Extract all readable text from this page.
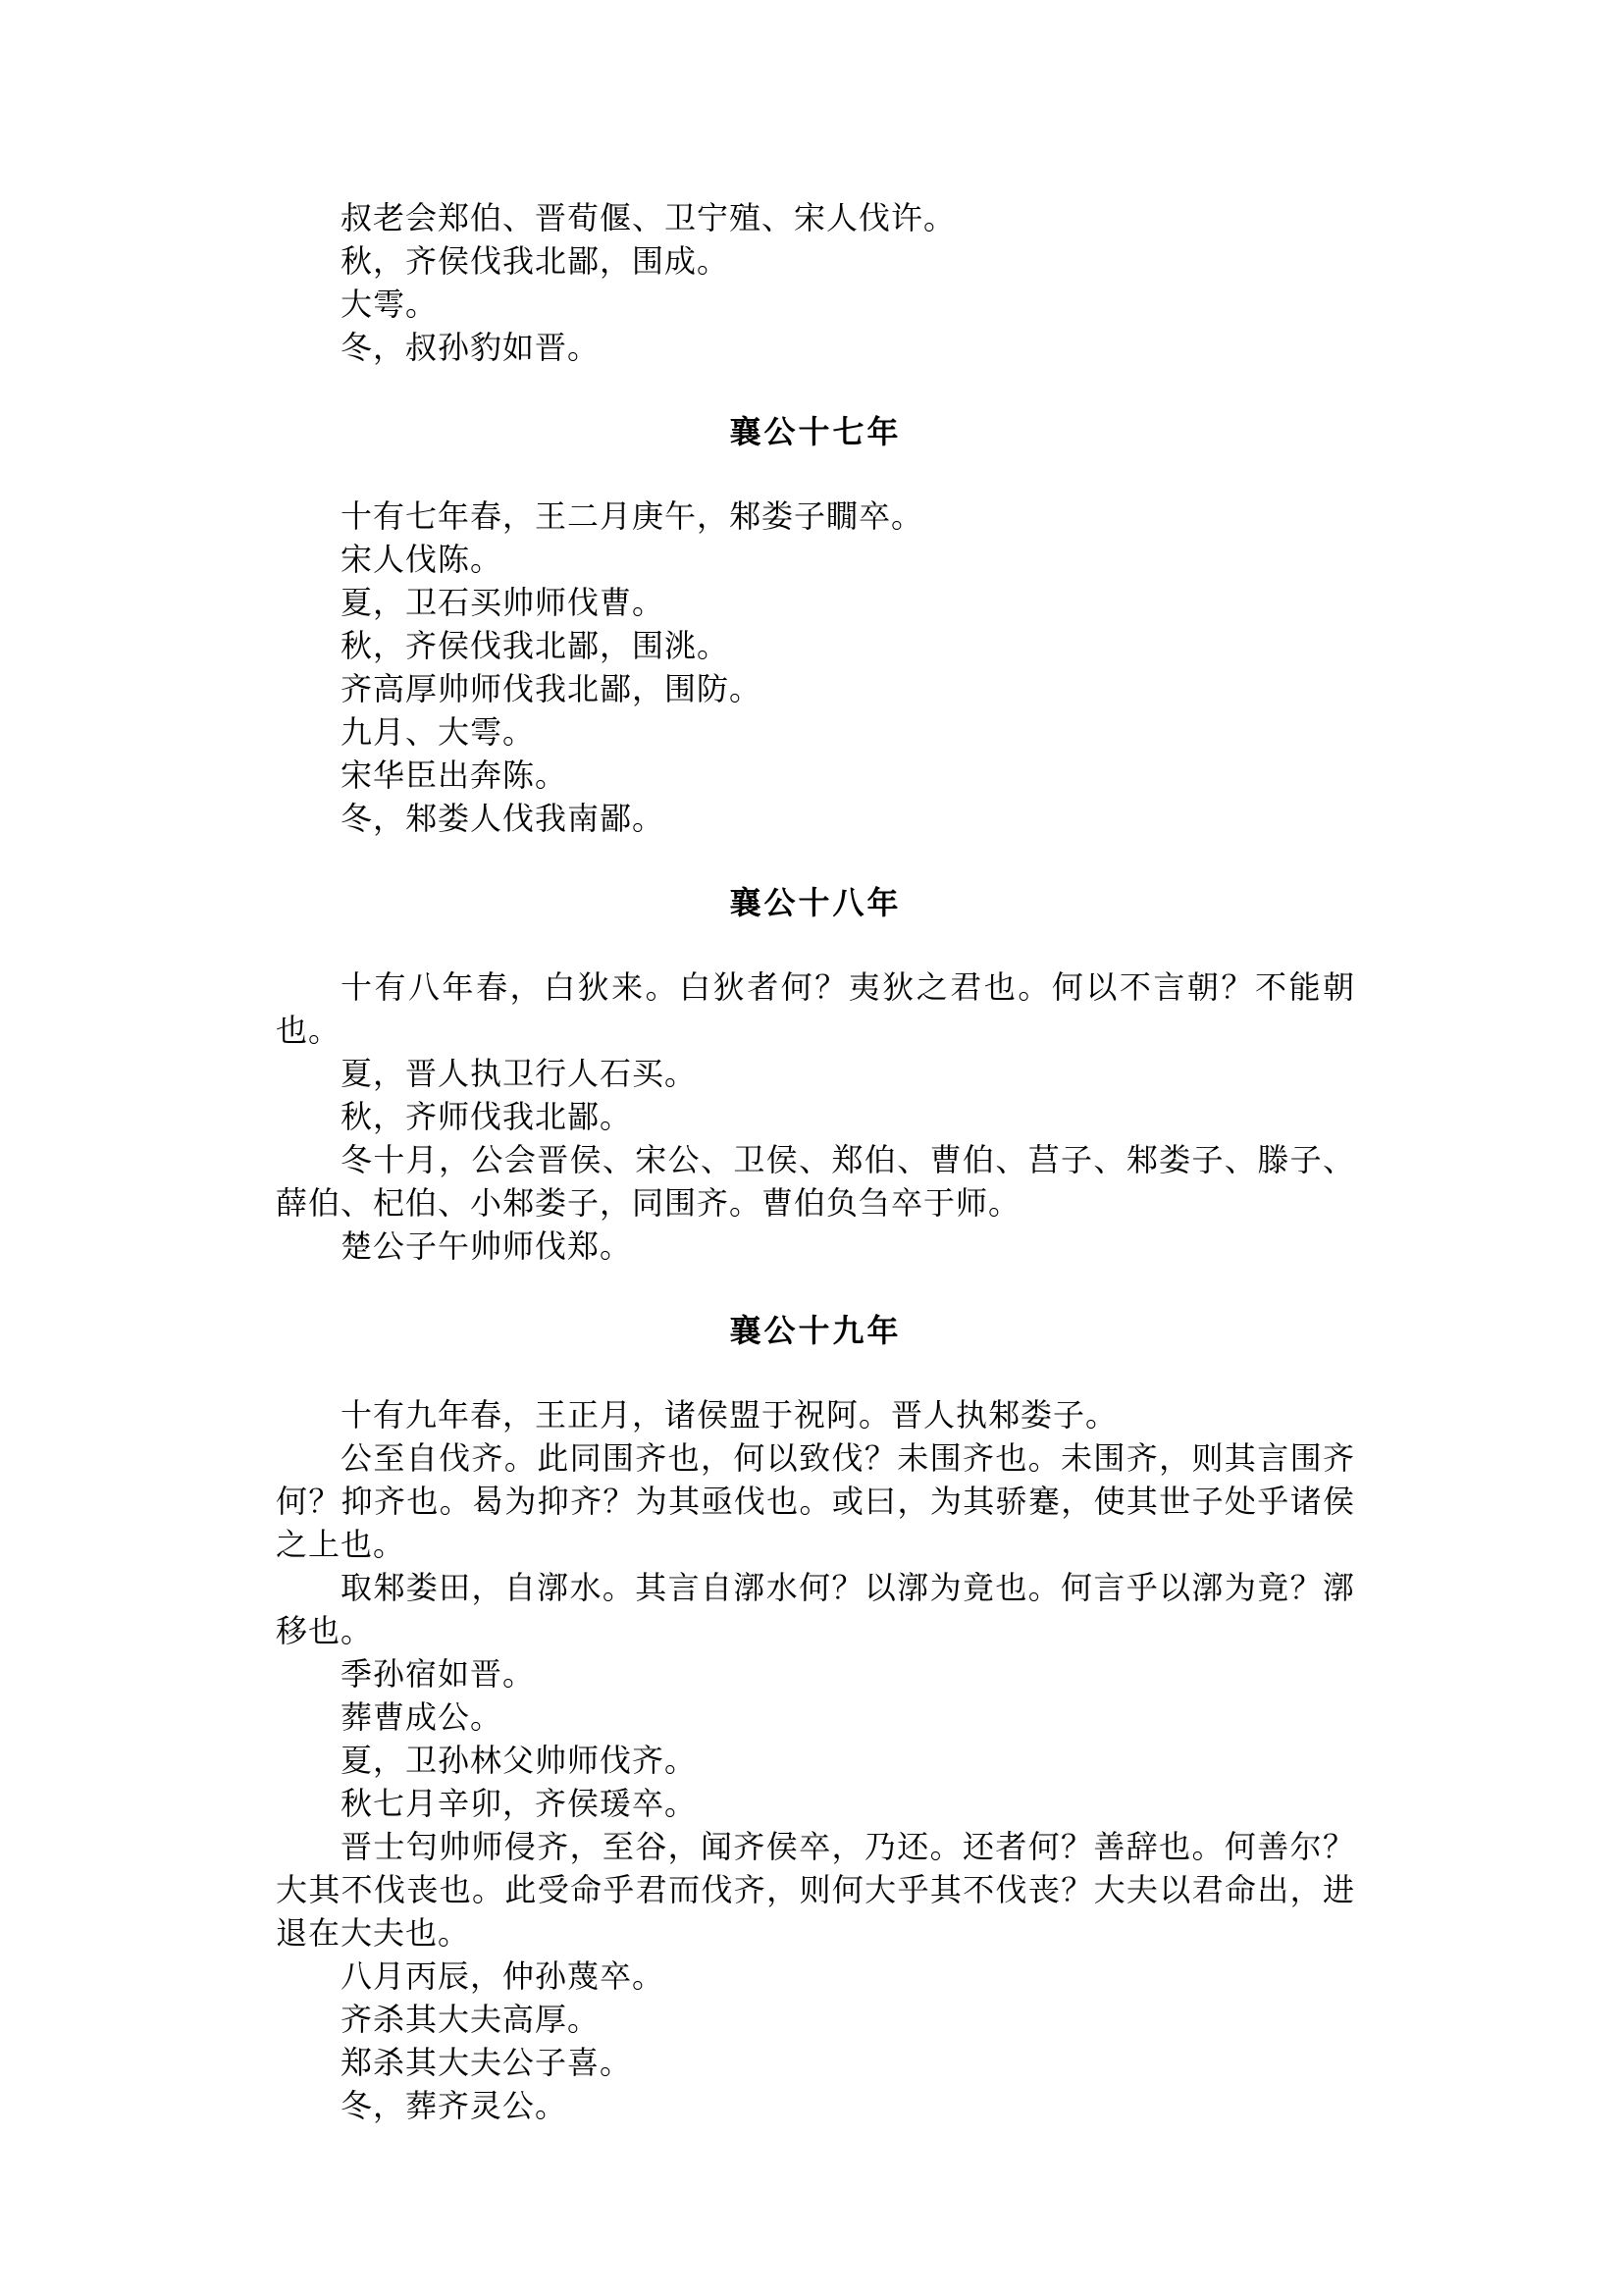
叔老会郑伯、晋荀偃、卫宁殖、宋人伐许。

秋，齐侯伐我北鄙，围成。

大雩。

冬，叔孙豹如晋。

襄公十七年

十有七年春，王二月庚午，邾娄子瞯卒。

宋人伐陈。

夏，卫石买帅师伐曹。

秋，齐侯伐我北鄙，围洮。

齐高厚帅师伐我北鄙，围防。

九月、大雩。

宋华臣出奔陈。

冬，邾娄人伐我南鄙。

襄公十八年

十有八年春，白狄来。白狄者何？夷狄之君也。何以不言朝？不能朝也。

夏，晋人执卫行人石买。

秋，齐师伐我北鄙。

冬十月，公会晋侯、宋公、卫侯、郑伯、曹伯、莒子、邾娄子、滕子、薛伯、杞伯、小邾娄子，同围齐。曹伯负刍卒于师。

楚公子午帅师伐郑。

襄公十九年

十有九年春，王正月，诸侯盟于祝阿。晋人执邾娄子。

公至自伐齐。此同围齐也，何以致伐？未围齐也。未围齐，则其言围齐何？抑齐也。曷为抑齐？为其亟伐也。或曰，为其骄蹇，使其世子处乎诸侯之上也。

取邾娄田，自漷水。其言自漷水何？以漷为竟也。何言乎以漷为竟？漷移也。

季孙宿如晋。

葬曹成公。

夏，卫孙林父帅师伐齐。

秋七月辛卯，齐侯瑗卒。

晋士匄帅师侵齐，至谷，闻齐侯卒，乃还。还者何？善辞也。何善尔？大其不伐丧也。此受命乎君而伐齐，则何大乎其不伐丧？大夫以君命出，进退在大夫也。

八月丙辰，仲孙蔑卒。

齐杀其大夫高厚。

郑杀其大夫公子喜。

冬，葬齐灵公。
